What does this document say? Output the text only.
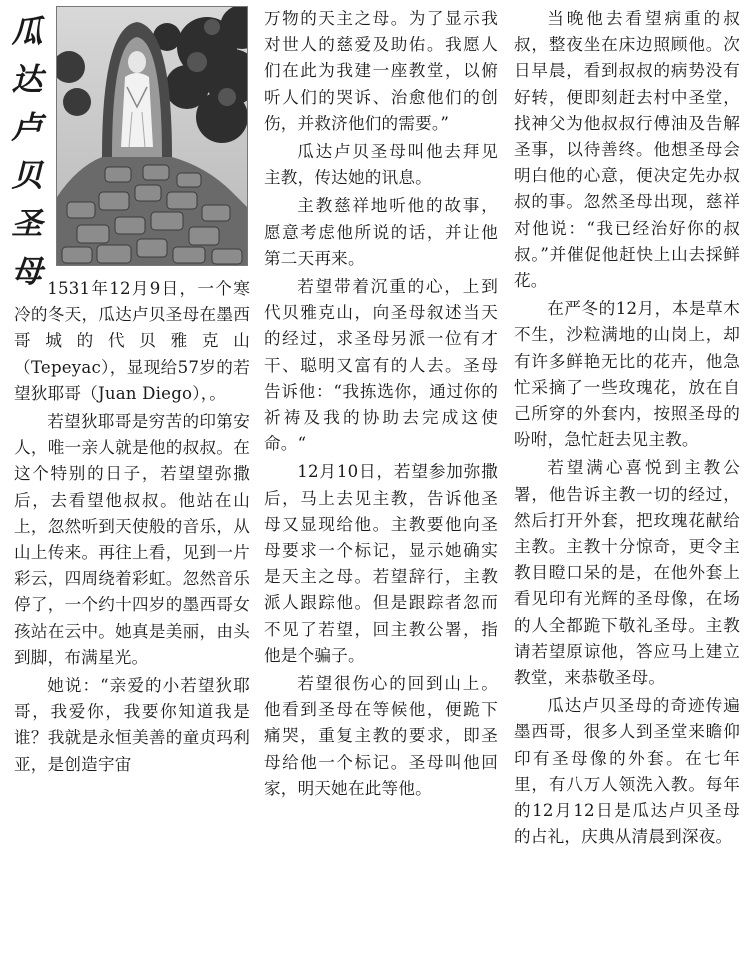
瓜
达
卢
贝
圣
母 1531年12月9日，一个寒冷的冬天，瓜达卢贝圣母在墨西哥城的代贝雅克山（Tepeyac），显现给57岁的若望狄耶哥（Juan Diego），。

若望狄耶哥是穷苦的印第安人，唯一亲人就是他的叔叔。在这个特别的日子，若望望弥撒后，去看望他叔叔。他站在山上，忽然听到天使般的音乐，从山上传来。再往上看，见到一片彩云，四周绕着彩虹。忽然音乐停了，一个约十四岁的墨西哥女孩站在云中。她真是美丽，由头到脚，布满星光。

她说：“亲爱的小若望狄耶哥，我爱你，我要你知道我是谁？我就是永恒美善的童贞玛利亚，是创造宇宙

万物的天主之母。为了显示我对世人的慈爱及助佑。我愿人们在此为我建一座教堂，以俯听人们的哭诉、治愈他们的创伤，并救济他们的需要。”

瓜达卢贝圣母叫他去拜见主教，传达她的讯息。

主教慈祥地听他的故事，愿意考虑他所说的话，并让他第二天再来。

若望带着沉重的心，上到代贝雅克山，向圣母叙述当天的经过，求圣母另派一位有才干、聪明又富有的人去。圣母告诉他：“我拣选你，通过你的祈祷及我的协助去完成这使命。“

12月10日，若望参加弥撒后，马上去见主教，告诉他圣母又显现给他。主教要他向圣母要求一个标记，显示她确实是天主之母。若望辞行，主教派人跟踪他。但是跟踪者忽而不见了若望，回主教公署，指他是个骗子。

若望很伤心的回到山上。他看到圣母在等候他，便跪下痛哭，重复主教的要求，即圣母给他一个标记。圣母叫他回家，明天她在此等他。

当晚他去看望病重的叔叔，整夜坐在床边照顾他。次日早晨，看到叔叔的病势没有好转，便即刻赶去村中圣堂，找神父为他叔叔行傅油及告解圣事，以待善终。他想圣母会明白他的心意，便决定先办叔叔的事。忽然圣母出现，慈祥对他说：“我已经治好你的叔叔。”并催促他赶快上山去採鲜花。

在严冬的12月，本是草木不生，沙粒满地的山岗上，却有许多鲜艳无比的花卉，他急忙采摘了一些玫瑰花，放在自己所穿的外套内，按照圣母的吩咐，急忙赶去见主教。

若望满心喜悦到主教公署，他告诉主教一切的经过，然后打开外套，把玫瑰花献给主教。主教十分惊奇，更令主教目瞪口呆的是，在他外套上看见印有光辉的圣母像，在场的人全都跪下敬礼圣母。主教请若望原谅他，答应马上建立教堂，来恭敬圣母。

瓜达卢贝圣母的奇迹传遍墨西哥，很多人到圣堂来瞻仰印有圣母像的外套。在七年里，有八万人领洗入教。每年的12月12日是瓜达卢贝圣母的占礼，庆典从清晨到深夜。
